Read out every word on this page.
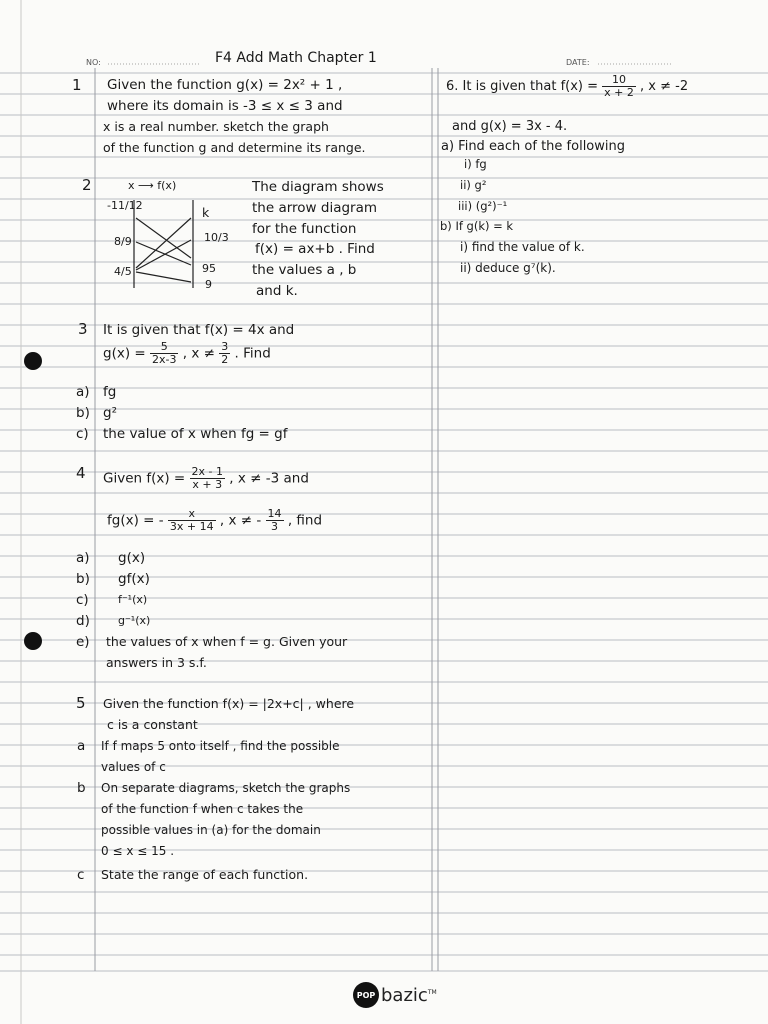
NO:	DATE:
F4 Add Math Chapter 1
1 Given the function g(x) = 2x² + 1 ,
where its domain is -3 ≤ x ≤ 3 and
x is a real number. sketch the graph
of the function g and determine its range.
2	x ⟶ f(x)
-11/12
8/9
4/5
k
10/3
95
9
The diagram shows
the arrow diagram
for the function
f(x) = ax+b . Find
the values a , b
and k.
3 It is given that f(x) = 4x and
$g(x) = \frac{5}{2x-3}$ , $x \ne \frac{3}{2}$ . Find
a) fg
b) g²
c) the value of x when fg = gf
4 Given $f(x) = \frac{2x - 1}{x + 3}$ , x ≠ -3 and
fg(x) = - $\frac{x}{3x + 14}$ , x ≠ - $\frac{14}{3}$ , find
a) g(x)
b) gf(x)
c)	f⁻¹(x)
d)	g⁻¹(x)
e) the values of x when f = g. Given your
answers in 3 s.f.
5 Given the function f(x) = |2x+c| , where
c is a constant
a If f maps 5 onto itself , find the possible
values of c
b On separate diagrams, sketch the graphs
of the function f when c takes the
possible values in (a) for the domain
0 ≤ x ≤ 15 .
c State the range of each function.
6. It is given that $f(x) = \frac{10}{x + 2}$ , x ≠ -2
and g(x) = 3x - 4.
a) Find each of the following
i) fg
ii) g²
iii) (g²)⁻¹
b) If g(k) = k
i) find the value of k.
ii) deduce g⁷(k).
POP bazic™
